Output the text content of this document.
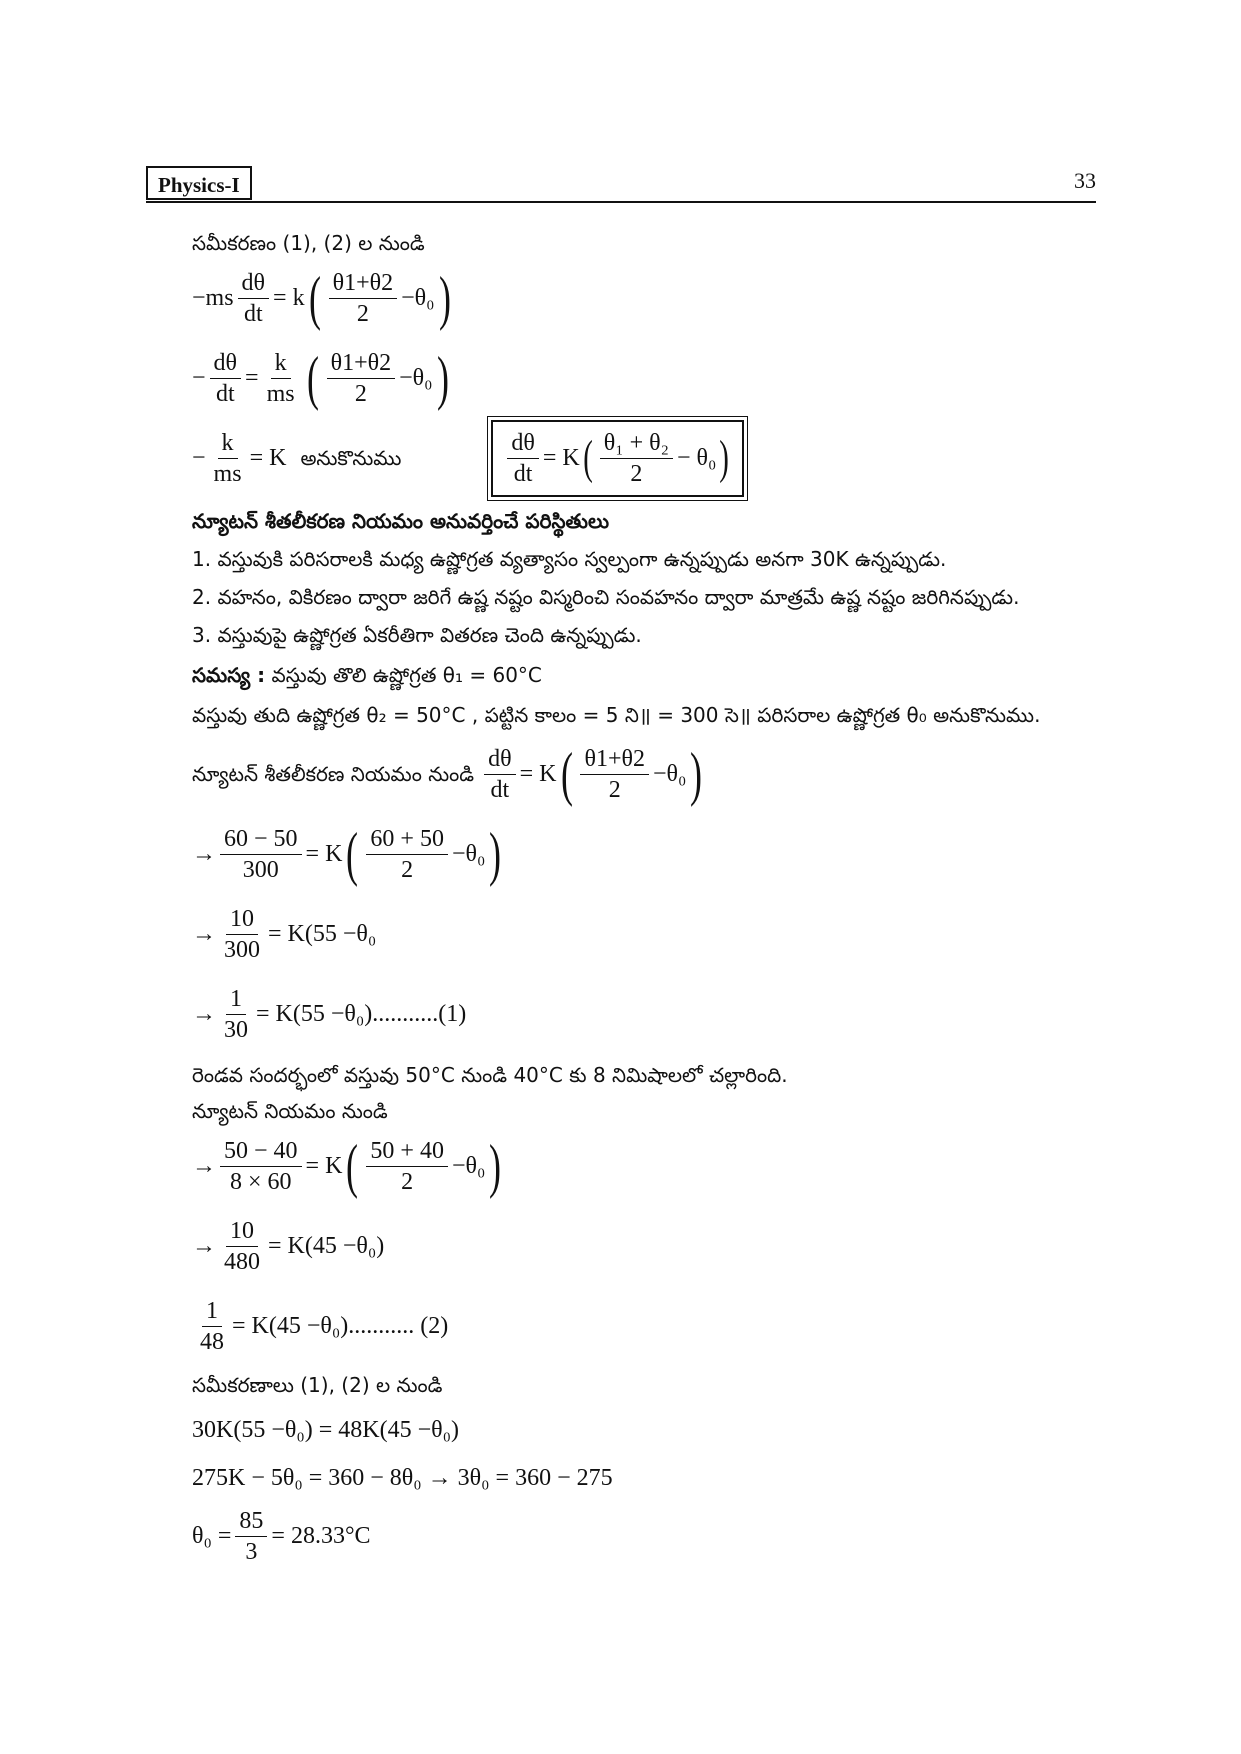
Physics-I	33
సమీకరణం (1), (2) ల నుండి
$-ms \frac{d\theta}{dt} = k$ ( $\frac{\theta 1+\theta 2}{2} -\theta_0$ )
− $\frac{d\theta}{dt} = \frac{k}{ms}$ ( $\frac{\theta 1+\theta 2}{2} -\theta_0$ )
− $\frac{k}{ms} = K$ అనుకొనుము	$\frac{d\theta}{dt} = K$ ( $\frac{\text{θ₁ + θ₂}}{2} - \theta_0$ )
న్యూటన్ శీతలీకరణ నియమం అనువర్తించే పరిస్థితులు
1. వస్తువుకి పరిసరాలకి మధ్య ఉష్ణోగ్రత వ్యత్యాసం స్వల్పంగా ఉన్నప్పుడు అనగా 30K ఉన్నప్పుడు.
2. వహనం, వికిరణం ద్వారా జరిగే ఉష్ణ నష్టం విస్మరించి సంవహనం ద్వారా మాత్రమే ఉష్ణ నష్టం జరిగినప్పుడు.
3. వస్తువుపై ఉష్ణోగ్రత ఏకరీతిగా వితరణ చెంది ఉన్నప్పుడు.
సమస్య : వస్తువు తొలి ఉష్ణోగ్రత θ₁ = 60°C
వస్తువు తుది ఉష్ణోగ్రత θ₂ = 50°C , పట్టిన కాలం = 5 ని॥ = 300 సె॥ పరిసరాల ఉష్ణోగ్రత θ₀ అనుకొనుము.
న్యూటన్ శీతలీకరణ నియమం నుండి $\frac{d\theta}{dt} = K$ ( $\frac{\theta 1+\theta 2}{2} -\theta_0$ )
→ $\frac{60 - 50}{300} = K$ ( $\frac{60 + 50}{2} -\theta_0$ )
→ $\frac{10}{300} = K(55 -\theta_0$
→ $\frac{1}{30} = K(55 -\theta_0)...........(1)$
రెండవ సందర్భంలో వస్తువు 50°C నుండి 40°C కు 8 నిమిషాలలో చల్లారింది.
న్యూటన్ నియమం నుండి
→ $\frac{50 - 40}{8 \times 60} = K$ ( $\frac{50 + 40}{2} -\theta_0$ )
→ $\frac{10}{480} = K(45 -\theta_0)$
$\frac{1}{48} = K(45 -\theta_0)$........... (2)
సమీకరణాలు (1), (2) ల నుండి
30K(55 −θ₀) = 48K(45 −θ₀)
275K − 5θ₀ = 360 − 8θ₀ → 3θ₀ = 360 − 275
$\theta_0 = \frac{85}{3} = 28.33^\circ C$
